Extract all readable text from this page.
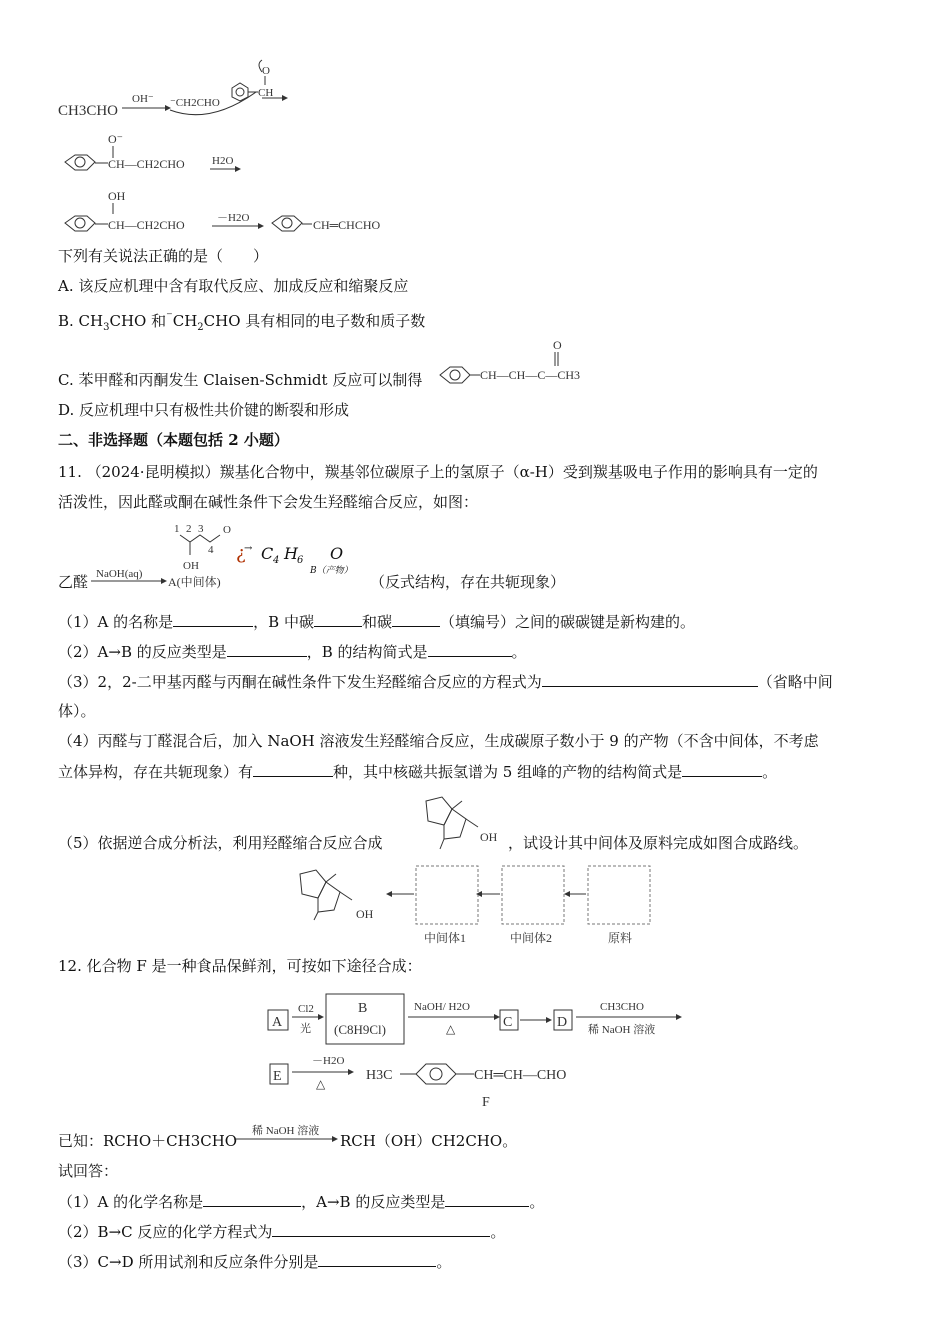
CH3CHO
OH⁻ ⁻CH2CHO
O
CH
O⁻
CH—CH2CHO H2O
OH
CH—CH2CHO	－H2O	CH═CHCHO
下列有关说法正确的是（　　）
A. 该反应机理中含有取代反应、加成反应和缩聚反应
B. $CH_3CHO$ 和$^{^-}CH_2CHO$ 具有相同的电子数和质子数
C. 苯甲醛和丙酮发生 Claisen-Schmidt 反应可以制得	CH—CH—C—CH3
O
D. 反应机理中只有极性共价键的断裂和形成
二、非选择题（本题包括 2 小题）
11. （2024·昆明模拟）羰基化合物中，羰基邻位碳原子上的氢原子（α-H）受到羰基吸电子作用的影响具有一定的
活泼性，因此醛或酮在碱性条件下会发生羟醛缩合反应，如图：
乙醛 NaOH(aq)
A(中间体)
1 2 3
4
O
OH
¿
→ C 4 H 6 O
B（产物）
（反式结构，存在共轭现象）
（1）A 的名称是	，B 中碳	和碳	（填编号）之间的碳碳键是新构建的。
（2）A→B 的反应类型是	，B 的结构简式是	。
（3）2，2-二甲基丙醛与丙酮在碱性条件下发生羟醛缩合反应的方程式为	（省略中间
体）。
（4）丙醛与丁醛混合后，加入 NaOH 溶液发生羟醛缩合反应，生成碳原子数小于 9 的产物（不含中间体，不考虑
立体异构，存在共轭现象）有	种，其中核磁共振氢谱为 5 组峰的产物的结构简式是	。
（5）依据逆合成分析法，利用羟醛缩合反应合成	OH ，试设计其中间体及原料完成如图合成路线。
OH
中间体1	中间体2	原料
12. 化合物 F 是一种食品保鲜剂，可按如下途径合成：
A
Cl2
光
B
(C8H9Cl)
NaOH/ H2O
△	C	D
CH3CHO
稀 NaOH 溶液
E
－H2O
△
H3C	CH═CH—CHO
F
已知：RCHO＋CH3CHO
稀 NaOH 溶液
RCH（OH）CH2CHO。
试回答：
（1）A 的化学名称是	，A→B 的反应类型是	。
（2）B→C 反应的化学方程式为	。
（3）C→D 所用试剂和反应条件分别是	。
